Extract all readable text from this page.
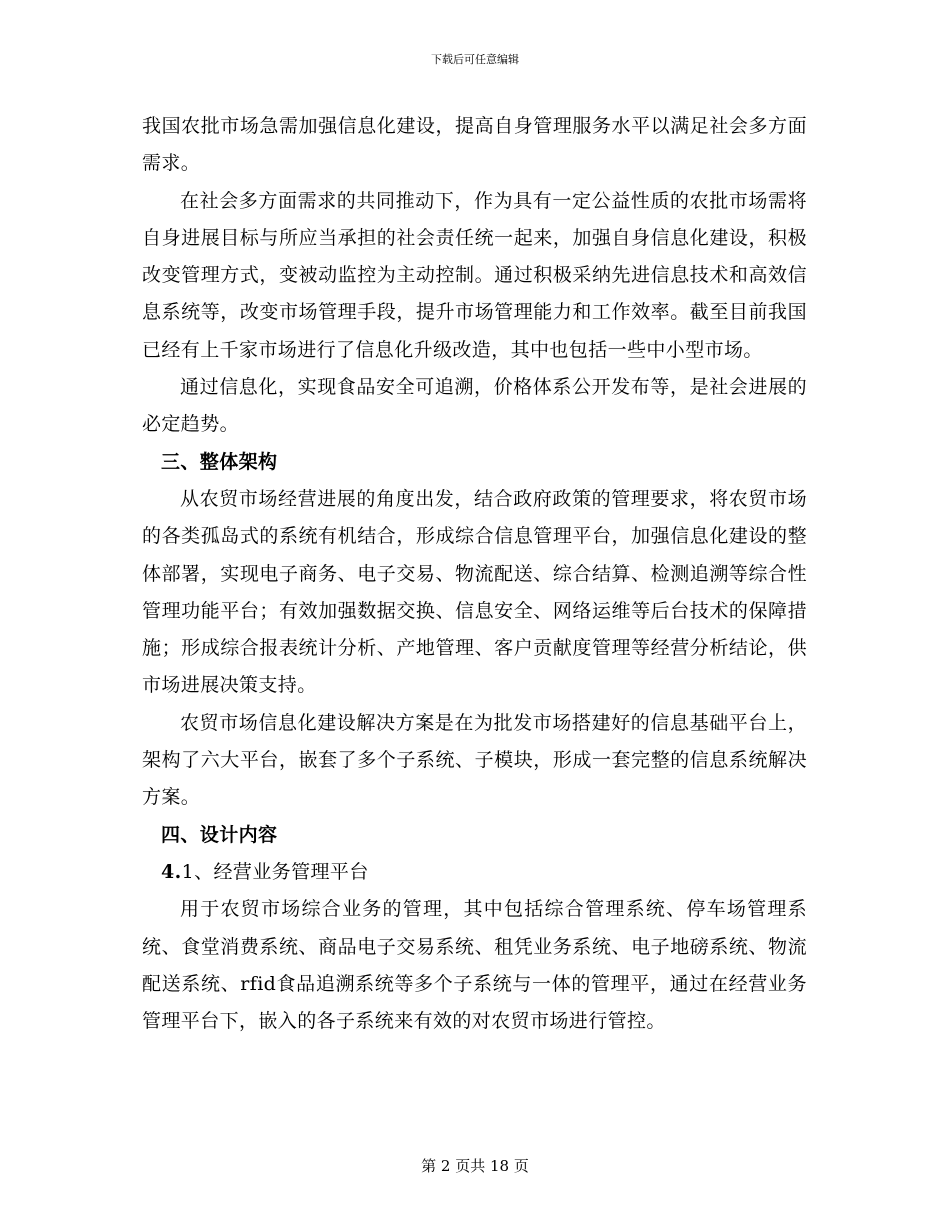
下载后可任意编辑

我国农批市场急需加强信息化建设，提高自身管理服务水平以满足社会多方面需求。

在社会多方面需求的共同推动下，作为具有一定公益性质的农批市场需将自身进展目标与所应当承担的社会责任统一起来，加强自身信息化建设，积极改变管理方式，变被动监控为主动控制。通过积极采纳先进信息技术和高效信息系统等，改变市场管理手段，提升市场管理能力和工作效率。截至目前我国已经有上千家市场进行了信息化升级改造，其中也包括一些中小型市场。

通过信息化，实现食品安全可追溯，价格体系公开发布等，是社会进展的必定趋势。

三、整体架构

从农贸市场经营进展的角度出发，结合政府政策的管理要求，将农贸市场的各类孤岛式的系统有机结合，形成综合信息管理平台，加强信息化建设的整体部署，实现电子商务、电子交易、物流配送、综合结算、检测追溯等综合性管理功能平台；有效加强数据交换、信息安全、网络运维等后台技术的保障措施；形成综合报表统计分析、产地管理、客户贡献度管理等经营分析结论，供市场进展决策支持。

农贸市场信息化建设解决方案是在为批发市场搭建好的信息基础平台上，架构了六大平台，嵌套了多个子系统、子模块，形成一套完整的信息系统解决方案。

四、设计内容

4.1、经营业务管理平台

用于农贸市场综合业务的管理，其中包括综合管理系统、停车场管理系统、食堂消费系统、商品电子交易系统、租凭业务系统、电子地磅系统、物流配送系统、rfid食品追溯系统等多个子系统与一体的管理平，通过在经营业务管理平台下，嵌入的各子系统来有效的对农贸市场进行管控。

第 2 页共 18 页
